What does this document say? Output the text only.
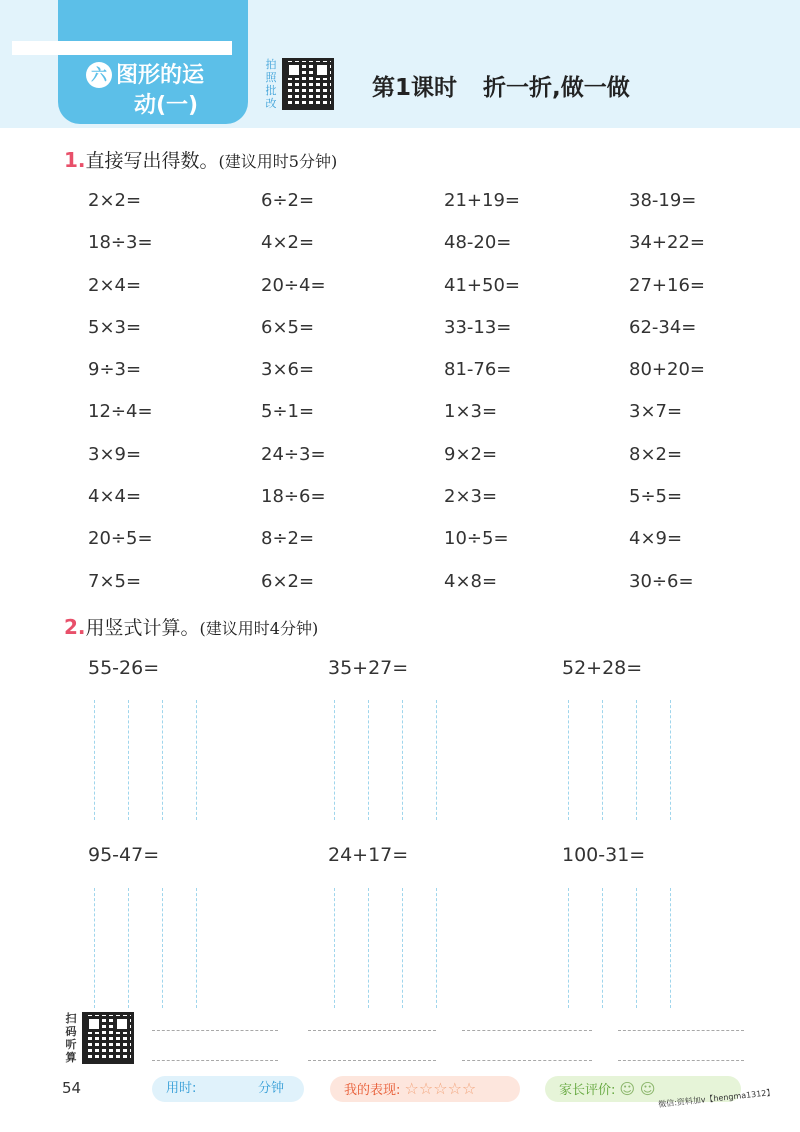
六 图形的运
动(一)
拍
照
批
改
第1课时 折一折,做一做
1.直接写出得数。(建议用时5分钟)
2×2=	6÷2=	21+19=	38-19=
18÷3=	4×2=	48-20=	34+22=
2×4=	20÷4=	41+50=	27+16=
5×3=	6×5=	33-13=	62-34=
9÷3=	3×6=	81-76=	80+20=
12÷4=	5÷1=	1×3=	3×7=
3×9=	24÷3=	9×2=	8×2=
4×4=	18÷6=	2×3=	5÷5=
20÷5=	8÷2=	10÷5=	4×9=
7×5=	6×2=	4×8=	30÷6=
2.用竖式计算。(建议用时4分钟)
55-26=	35+27=	52+28=
95-47=	24+17=	100-31=
扫
码
听
算
54	用时:	分钟	我的表现: ☆☆☆☆☆	家长评价: ☺ ☺ 微信:资料加v【hengma1312】
